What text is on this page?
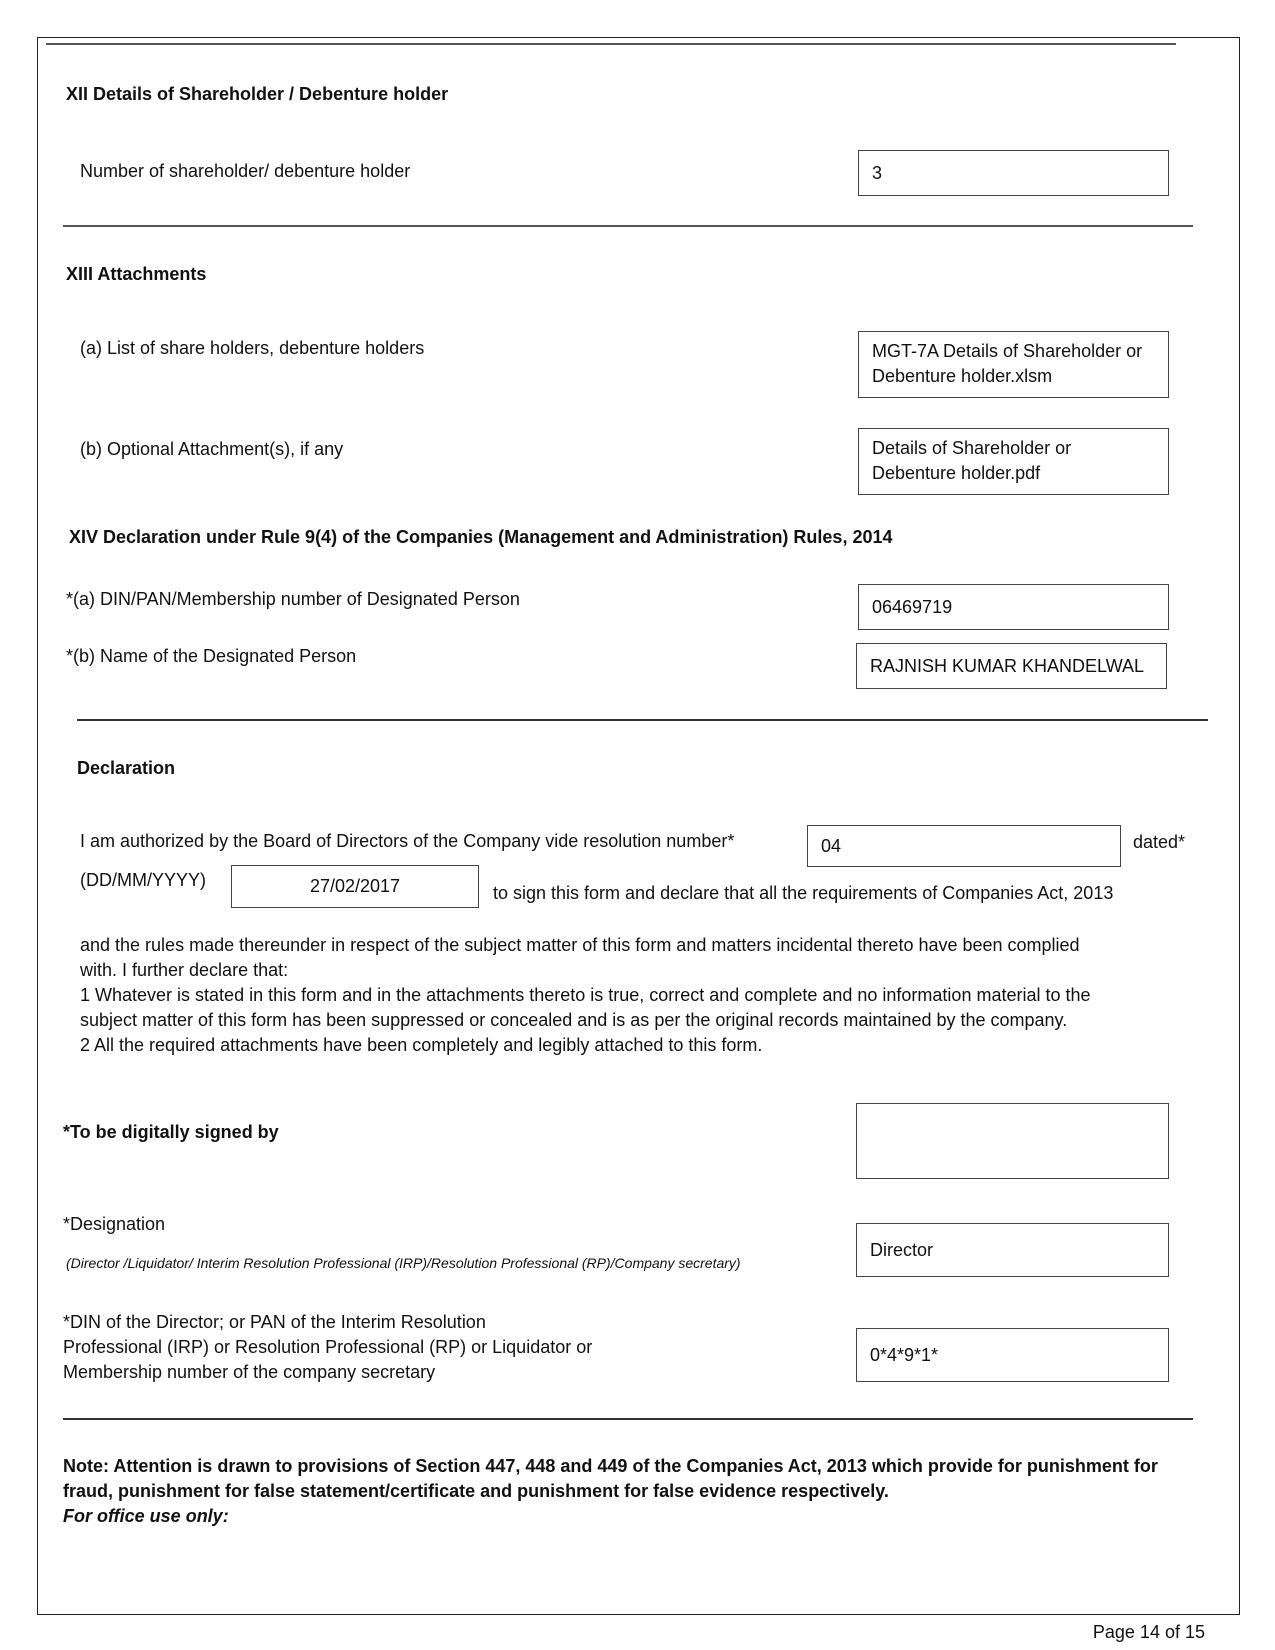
XII Details of Shareholder / Debenture holder
Number of shareholder/ debenture holder	3
XIII Attachments
(a) List of share holders, debenture holders	MGT-7A Details of Shareholder or
Debenture holder.xlsm
(b) Optional Attachment(s), if any	Details of Shareholder or
Debenture holder.pdf
XIV Declaration under Rule 9(4) of the Companies (Management and Administration) Rules, 2014
*(a) DIN/PAN/Membership number of Designated Person	06469719
*(b) Name of the Designated Person	RAJNISH KUMAR KHANDELWAL
Declaration
I am authorized by the Board of Directors of the Company vide resolution number*	04	dated*
(DD/MM/YYYY)	27/02/2017	to sign this form and declare that all the requirements of Companies Act, 2013
and the rules made thereunder in respect of the subject matter of this form and matters incidental thereto have been complied
with. I further declare that:
1 Whatever is stated in this form and in the attachments thereto is true, correct and complete and no information material to the
subject matter of this form has been suppressed or concealed and is as per the original records maintained by the company.
2 All the required attachments have been completely and legibly attached to this form.
*To be digitally signed by
*Designation
(Director /Liquidator/ Interim Resolution Professional (IRP)/Resolution Professional (RP)/Company secretary)
Director
*DIN of the Director; or PAN of the Interim Resolution
Professional (IRP) or Resolution Professional (RP) or Liquidator or
Membership number of the company secretary
0*4*9*1*
Note: Attention is drawn to provisions of Section 447, 448 and 449 of the Companies Act, 2013 which provide for punishment for
fraud, punishment for false statement/certificate and punishment for false evidence respectively.
For office use only:
Page 14 of 15
